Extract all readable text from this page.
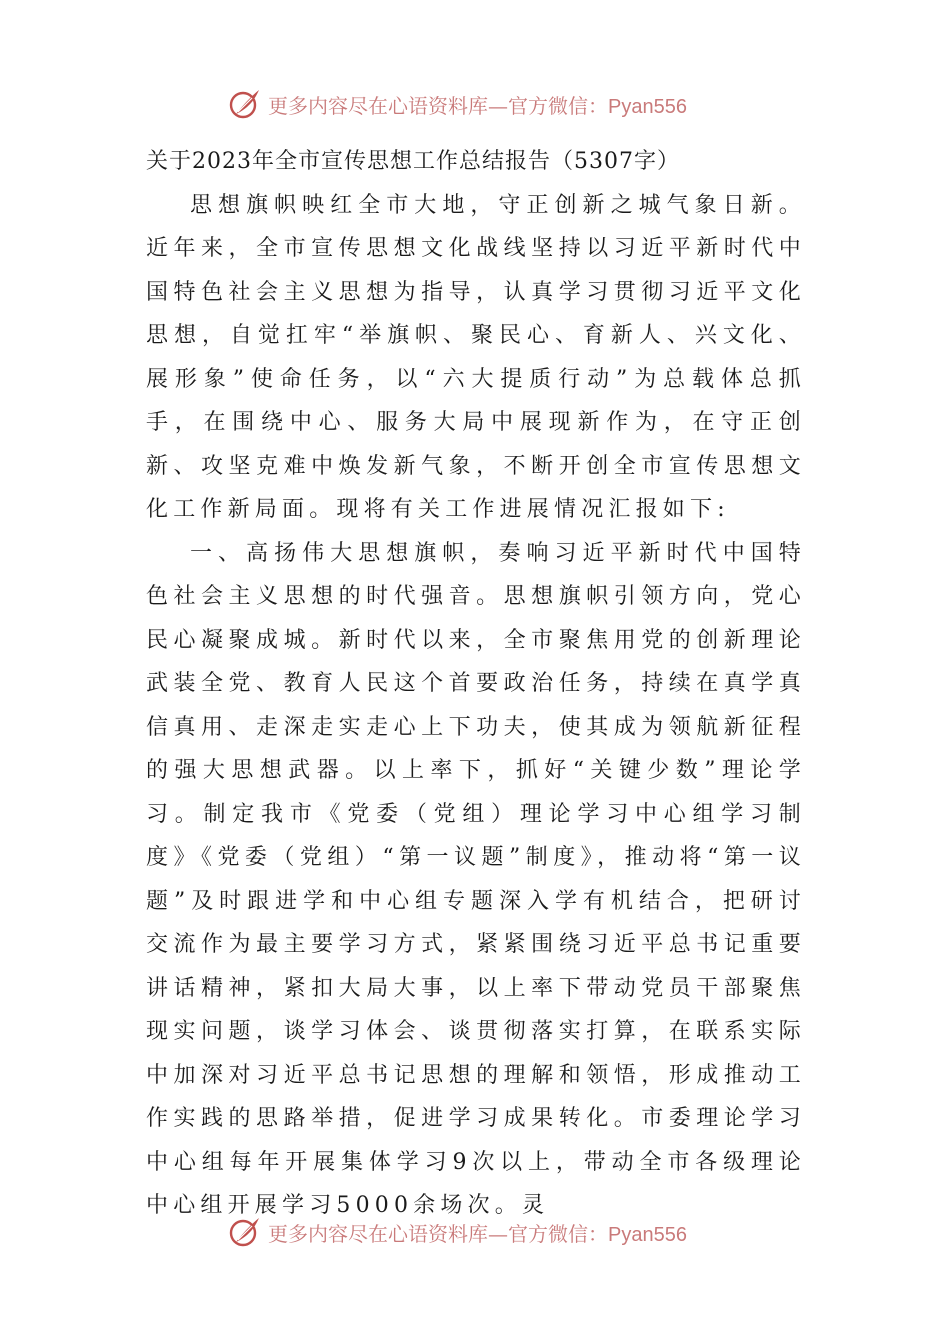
更多内容尽在心语资料库—官方微信：Pyan556

关于2023年全市宣传思想工作总结报告（5307字）

思想旗帜映红全市大地，守正创新之城气象日新。近年来，全市宣传思想文化战线坚持以习近平新时代中国特色社会主义思想为指导，认真学习贯彻习近平文化思想，自觉扛牢“举旗帜、聚民心、育新人、兴文化、展形象”使命任务，以“六大提质行动”为总载体总抓手，在围绕中心、服务大局中展现新作为，在守正创新、攻坚克难中焕发新气象，不断开创全市宣传思想文化工作新局面。现将有关工作进展情况汇报如下:

一、高扬伟大思想旗帜，奏响习近平新时代中国特色社会主义思想的时代强音。思想旗帜引领方向，党心民心凝聚成城。新时代以来，全市聚焦用党的创新理论武装全党、教育人民这个首要政治任务，持续在真学真信真用、走深走实走心上下功夫，使其成为领航新征程的强大思想武器。以上率下，抓好“关键少数”理论学习。制定我市《党委（党组）理论学习中心组学习制度》《党委（党组）“第一议题”制度》，推动将“第一议题”及时跟进学和中心组专题深入学有机结合，把研讨交流作为最主要学习方式，紧紧围绕习近平总书记重要讲话精神，紧扣大局大事，以上率下带动党员干部聚焦现实问题，谈学习体会、谈贯彻落实打算，在联系实际中加深对习近平总书记思想的理解和领悟，形成推动工作实践的思路举措，促进学习成果转化。市委理论学习中心组每年开展集体学习9次以上，带动全市各级理论中心组开展学习5000余场次。灵

更多内容尽在心语资料库—官方微信：Pyan556
